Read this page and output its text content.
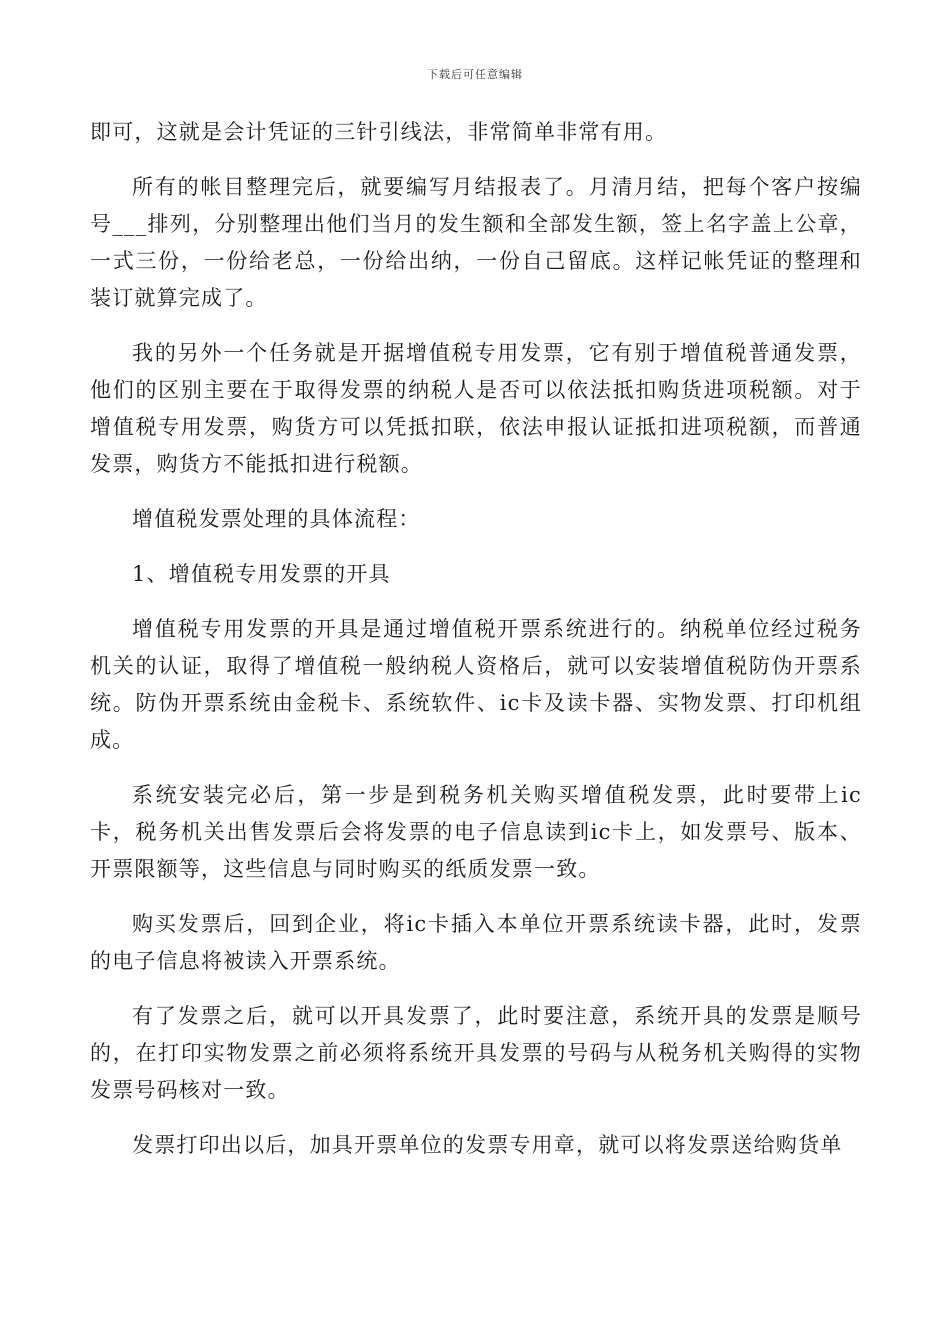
下载后可任意编辑

即可，这就是会计凭证的三针引线法，非常简单非常有用。

所有的帐目整理完后，就要编写月结报表了。月清月结，把每个客户按编号___排列，分别整理出他们当月的发生额和全部发生额，签上名字盖上公章，一式三份，一份给老总，一份给出纳，一份自己留底。这样记帐凭证的整理和装订就算完成了。

我的另外一个任务就是开据增值税专用发票，它有别于增值税普通发票，他们的区别主要在于取得发票的纳税人是否可以依法抵扣购货进项税额。对于增值税专用发票，购货方可以凭抵扣联，依法申报认证抵扣进项税额，而普通发票，购货方不能抵扣进行税额。

增值税发票处理的具体流程：

1、增值税专用发票的开具

增值税专用发票的开具是通过增值税开票系统进行的。纳税单位经过税务机关的认证，取得了增值税一般纳税人资格后，就可以安装增值税防伪开票系统。防伪开票系统由金税卡、系统软件、ic卡及读卡器、实物发票、打印机组成。

系统安装完必后，第一步是到税务机关购买增值税发票，此时要带上ic卡，税务机关出售发票后会将发票的电子信息读到ic卡上，如发票号、版本、开票限额等，这些信息与同时购买的纸质发票一致。

购买发票后，回到企业，将ic卡插入本单位开票系统读卡器，此时，发票的电子信息将被读入开票系统。

有了发票之后，就可以开具发票了，此时要注意，系统开具的发票是顺号的，在打印实物发票之前必须将系统开具发票的号码与从税务机关购得的实物发票号码核对一致。

发票打印出以后，加具开票单位的发票专用章，就可以将发票送给购货单
